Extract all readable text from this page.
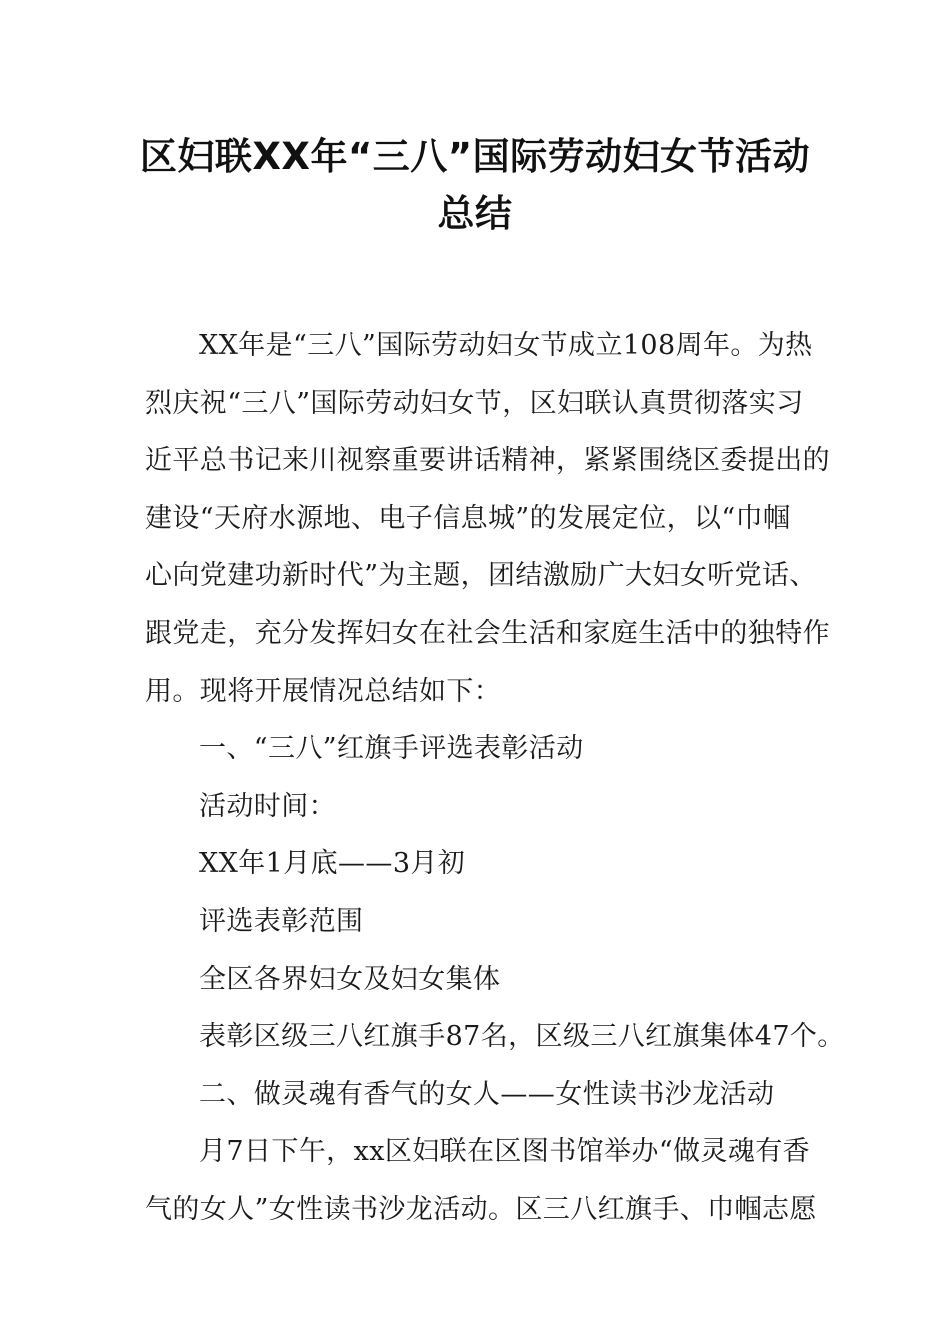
区妇联XX年“三八”国际劳动妇女节活动
总结
XX年是“三八”国际劳动妇女节成立108周年。为热
烈庆祝“三八”国际劳动妇女节，区妇联认真贯彻落实习
近平总书记来川视察重要讲话精神，紧紧围绕区委提出的
建设“天府水源地、电子信息城”的发展定位，以“巾帼
心向党建功新时代”为主题，团结激励广大妇女听党话、
跟党走，充分发挥妇女在社会生活和家庭生活中的独特作
用。现将开展情况总结如下：
一、“三八”红旗手评选表彰活动
活动时间：
XX年1月底——3月初
评选表彰范围
全区各界妇女及妇女集体
表彰区级三八红旗手87名，区级三八红旗集体47个。
二、做灵魂有香气的女人——女性读书沙龙活动
月7日下午，xx区妇联在区图书馆举办“做灵魂有香
气的女人”女性读书沙龙活动。区三八红旗手、巾帼志愿
